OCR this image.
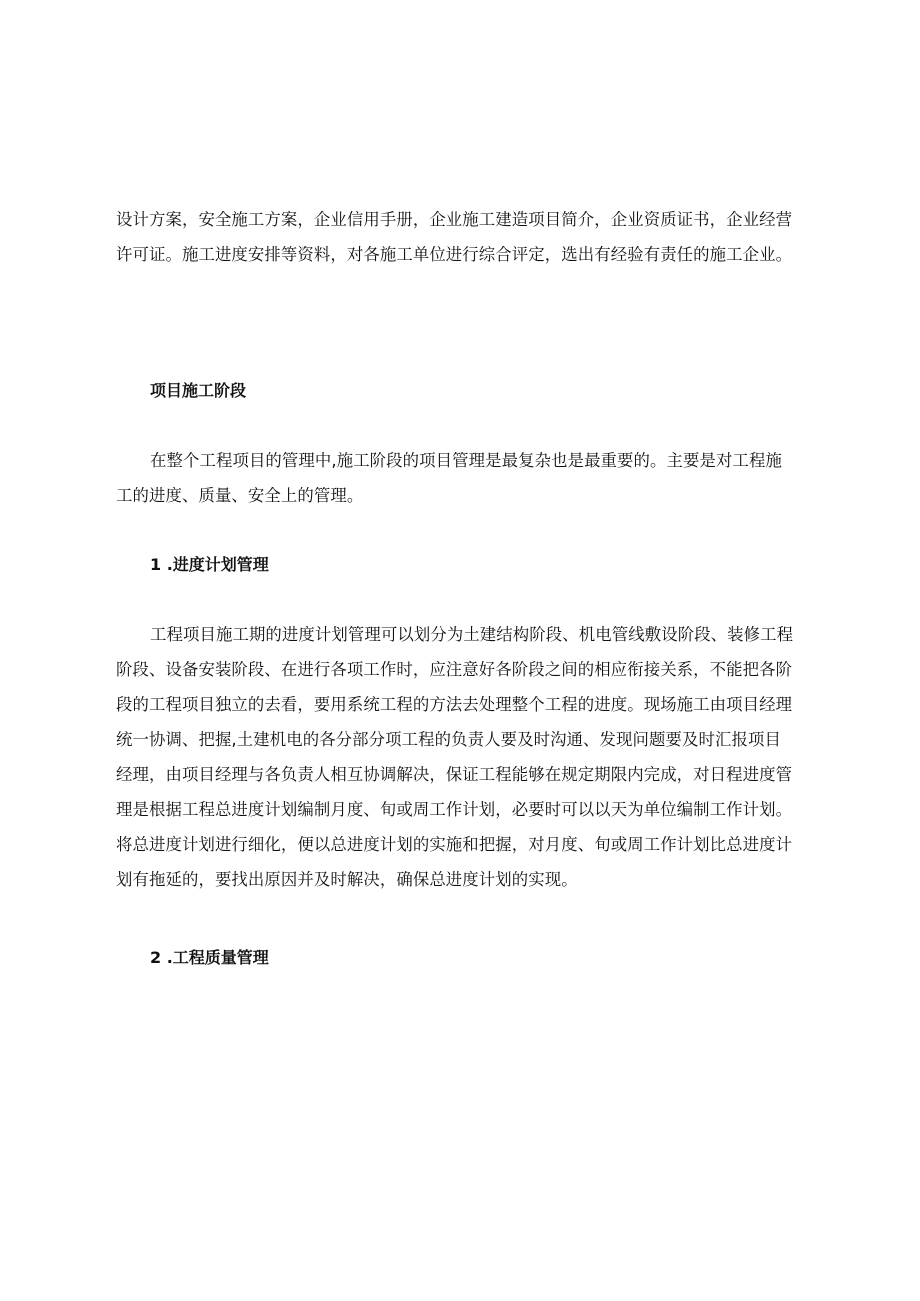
设计方案，安全施工方案，企业信用手册，企业施工建造项目简介，企业资质证书，企业经营
许可证。施工进度安排等资料，对各施工单位进行综合评定，选出有经验有责任的施工企业。
项目施工阶段
在整个工程项目的管理中,施工阶段的项目管理是最复杂也是最重要的。主要是对工程施
工的进度、质量、安全上的管理。
1 .进度计划管理
工程项目施工期的进度计划管理可以划分为土建结构阶段、机电管线敷设阶段、装修工程
阶段、设备安装阶段、在进行各项工作时，应注意好各阶段之间的相应衔接关系，不能把各阶
段的工程项目独立的去看，要用系统工程的方法去处理整个工程的进度。现场施工由项目经理
统一协调、把握,土建机电的各分部分项工程的负责人要及时沟通、发现问题要及时汇报项目
经理，由项目经理与各负责人相互协调解决，保证工程能够在规定期限内完成，对日程进度管
理是根据工程总进度计划编制月度、旬或周工作计划，必要时可以以天为单位编制工作计划。
将总进度计划进行细化，便以总进度计划的实施和把握，对月度、旬或周工作计划比总进度计
划有拖延的，要找出原因并及时解决，确保总进度计划的实现。
2 .工程质量管理
